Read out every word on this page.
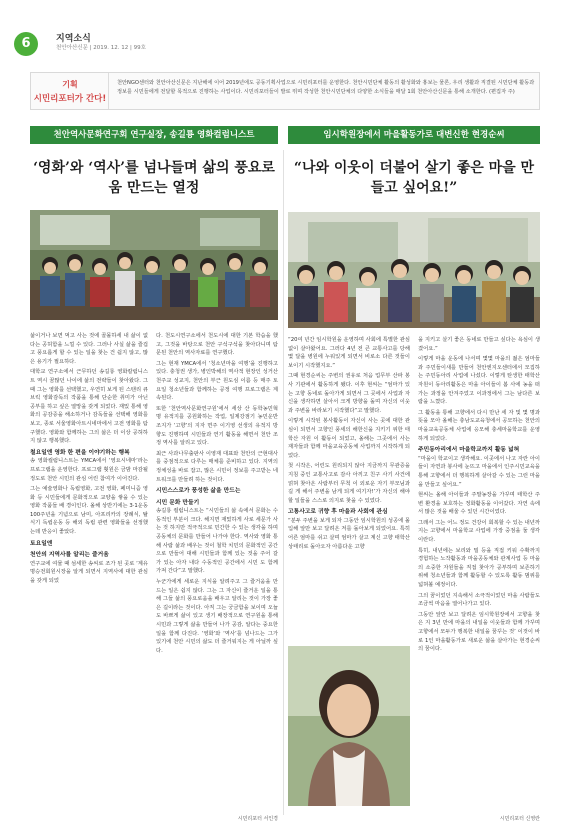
6	지역소식
천안아산신문 | 2019. 12. 12 | 99호
기획
시민리포터가 간다!
천안NGO센터와 천안아산신문은 지난해에 이어 2019년에도 공동기획사업으로 시민리포터를 운영한다. 천안시민단체 활동의 활성화와 홍보는 물론, 우리 생활과 직결된 시민단체 활동과 정보를 시민들에게 전달할 목적으로 진행하는 사업이다. 시민리포터들이 발로 뛰며 작성한 천안시민단체의 다양한 소식들을 매달 1회 천안아산신문을 통해 소개한다. (편집자 주)
천안역사문화연구회 연구실장, 송길룡 영화컬럼니스트	임시학원장에서 마을활동가로 대변신한 현경순씨
‘영화’와 ‘역사’를 넘나들며 삶의 풍요로움 만드는 열정
“나와 이웃이 더불어 살기 좋은 마을 만들고 싶어요!”

삶이거나 보면 먹고 사는 것에 골몰하세 내 삶이 없다는 공허함을 느낄 수 있다. 그러나 사실 삶을 즐겁고 풍요롭게 할 수 있는 일을 찾는 건 쉽지 않고, 많은 용기가 필요하다.

대학교 연구소에서 근무하던 송길룡 영화칼럼니스트 역시 꿈많던 나이에 삶의 전략들이 찾아왔다. 그때 그는 영화를 선택했고, 우연히 보게 된 스탠리 큐브릭 영화감독의 작품을 통해 단순한 취미가 아닌 공부를 하고 싶은 열망을 갖게 되었다. 재밌 통해 영화의 공감증을 해소하거나 감독들을 선택해 영화를 보고, 종로 서울영화아트시네마에서 고전 영화를 탐구했다. 영화와 함께하는 그의 삶은 더 이상 공허하지 않고 행복했다.

철요일엔 영화 한 편을 이야기하는 행복

송 영화컬럼니스트는 YMCA에서 ‘영요시네마’라는 프로그램을 운영한다. 프로그램 횟원은 금밤 마감될 정도로 천안 시민의 관심 어린 참여가 이어진다.

그는 예술영화나 독립영화, 고전 영화, 페미니즘 영화 등 시민들에게 문화적으로 교양을 쌓을 수 있는 영화 작품들 배 경이인다. 올해 상반기에는 3·1운동 100주년을 기념으로 남미, 아프리카의 장례식, 탈식기 독립운동 등 해외 독립 관련 영화들을 선정했는데 반응이 좋았다.

토요일엔
천안의 지역사를 알리는 즐거움

연구교에 여물 때 섬세한 송씨로 조가 된 곳로 ‘계유명승전회원시장을 알게 되면서 지역사에 대한 관심을 갖게 되었

다. 천도시연구소에서 천도시에 대한 기본 학습을 했고, 그것을 바탕으로 천안 구석구석을 찾아다니며 탐문된 천안의 역사자료를 연구했다.

그는 현재 YMCA에서 ‘청소년마을 여행’을 진행하고 있다. 충청권 생가, 병인박해의 역사적 현장인 성거산 천주교 성교지, 천안의 부근 원도심 이름 등 매주 토요일 청소년들과 함께하는 공정 여행 프로그램은 계속된다.

또한 ‘천안역사문화연구원’에서 세상 산 동학농민혁명 유적지를 공원화하는 작업, 일제강점기 농민운반 조지가 ‘고향’의 지자 면주 이기영 선생의 유적지 방향도 진행하며 시민들과 연기 활동을 해면서 천안 조정 역사를 알리고 있다.

최근 사과나무출판사 이영재 대표와 천안의 근현대사를 중점적으로 다루는 매체를 준비하고 있다. 지역의 정체성을 바로 잡고, 많은 시민이 정보를 주고받는 네트워크를 만들려 하는 것이다.

시민스스로가 풍성한 삶을 만드는
시민 문화 만들기

송길룡 컬럼니스트는 “시민들의 삶 속에서 문화는 수동적인 부분이 크다. 해지면 재밌하게 사로 세문가 사는 것 하지만 적극적으로 민간한 수 있는 생각을 하며 공동체의 문화를 만들어 나가야 한다. 역사와 영화 통해 사람 삶과 배우는 것이 철학 치민의 문화적인 공간으로 만들어 대해 시민들과 함께 있는 것을 주어 갈 가 있는 아자 내다 수동적인 공간에서 시민 도 함께 가져 간다”고 말했다.

누군가에게 세로운 지식을 알려주고 그 즐거움을 만드는 일은 쉽지 않다. 그는 그 자신이 즐거운 일을 통해 그들 삶의 풍요로움을 배우고 알리는 것이 가장 좋은 길이라는 것이다. 아직 그는 궁금함을 보이며 오늘도 바쁘게 삶이 있고 생기 배장적으로 연구원을 통해 시민과 그렇게 삶을 만들어 나가 공감, 알다는 중요한 일을 함께 다진다. ‘영화’와 ‘역사’를 넘나드는 그가 있기에 천안 시민의 삶도 더 즐거워지는 게 아닐까 싶다.

“20여 년간 임시학원을 운영하며 사회에 특별한 관심 없이 살아왔어요. 그러다 4년 전 큰 교통사고를 당해 몇 달을 병원에 누워있게 되면서 비로소 다른 것들이 보이기 시작했지요.”

그때 현경순씨는 주변의 권유로 처음 업무부 산파 봉사 기관에서 활동하게 됐다. 이후 현씨는 “엄마가 있는 고향 동네로 돌아가게 되면서 그 곳에서 사업과 자신을 생각하면 살아서 크게 방향을 돌며 자신의 이웃과 주변을 바라보기 시작했다”고 말했다.

이렇게 시작된 봉사활동이 자신이 사는 곳에 대한 관심이 되면서 고향인 풍세의 해한신을 지키기 위한 태학산 자원 이 활동이 되었고, 올해는 그곳에서 사는 재자들과 함께 마을교육공동체 사업까지 시작하게 되었다.

첫 시작은, 어린도 원리되지 않아 지금까지 무관증을 지침 중인 교통사고로 감사 아끼고 친구 사기 사건에 얽혀 찾아온 사람부터 무척 이 외로운 자기 부모님과 길 게 해서 주변을 남게 되게 여기자!’가 자신의 해야 할 일들을 스스로 의지로 찾을 수 있었다.

고통사고로 귀향 후 마을과 사회에 관심

“분두 주변을 보게 되자 그동안 임시학원의 성공에 몰입해 앞만 보고 달려온 저를 돌아보게 되었어요. 특히 어른 엄마를 쉬고 살며 엄마가 살고 계신 고향 태학산 상태리로 돌아오자 아름다운 고향

을 지키고 살기 좋은 동네로 만들고 싶다는 욕심이 생겼어요.”

이렇게 마을 운동에 나서며 몇몇 마을의 젊은 엄마들과 주민들이새를 만들어 천안엔지오센터에서 모집하는 주민동아리 사업에 나섰다. 이렇게 탄생한 태학산 자원이 동아리활동은 마을 아이들이 봄 사에 농을 떠가는 과정을 안겨주었고 이과정에서 그는 남다른 보람을 느꼈다.

그 활동을 통해 고향에서 다시 만난 세 자 및 몇 명과 뜻을 모아 올해는 충남도교육청에서 공모하는 천안의 마을교육공동체 사업에 응모해 충세마을학교를 운영하게 되었다.

주민동아리에서 마을학교까지 활동 넓혀

“마을이 학교이고 생각해요. 이곳에서 나고 자란 아이들이 자연과 봉사에 눈뜨고 마을에서 인주시민교육을 통해 고향에서 더 행복하게 살아갈 수 있는 그런 마을을 만들고 싶어요.”

현씨는 올해 아이들과 주말농장을 가꾸며 태학산 주변 환경을 보호하는 정화활동을 이어갔다. 자연 속에서 많은 것을 배울 수 있던 시간이었다.

그래서 그는 어느 정도 건강이 회복할 수 있는 내년까지는 고향에서 마을학교 사업에 가장 중점을 둘 생각이란다.

특히, 내년에는 보리와 밀 등을 직접 키워 수확까지 경험하는 노작활동과 마을공동체와 관계사업 등 마을의 소중한 자원들을 직접 찾아가 공부하며 보존하기 위해 청소년들과 함께 활동할 수 있도록 활동 범위를 넓혀볼 예정이다.

그의 꿈이었던 지속해서 소극적이었던 마을 사람들도 조금씩 마음을 열어나가고 있다.

그동안 앞만 보고 달려온 임시학원장에서 고향을 찾은 지 3년 만에 마을의 내일을 이웃들과 함께 가꾸며 고향에서 모두가 행복한 내일을 꿈꾸는 것’ 이것이 바로 1인 마을활동가로 새로운 삶을 살아가는 현경순씨의 꿈이다.

시민리포터 서인경	시민리포터 신영란
